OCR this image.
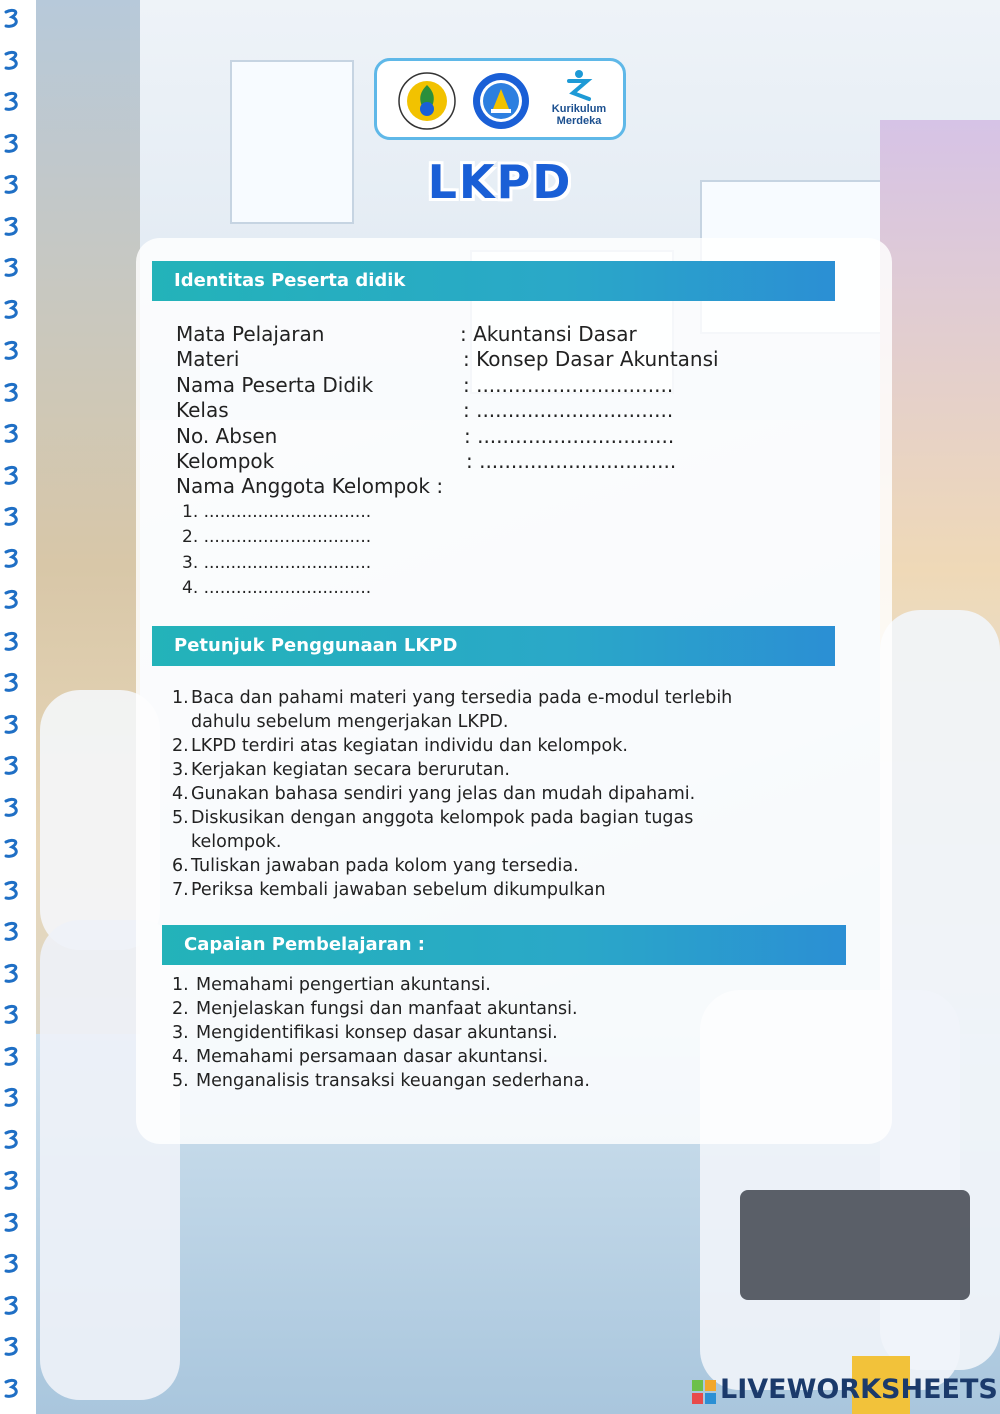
Kurikulum
Merdeka
LKPD
Identitas Peserta didik
Mata Pelajaran	: Akuntansi Dasar
Materi	: Konsep Dasar Akuntansi
Nama Peserta Didik	: ...............................
Kelas	: ...............................
No. Absen	: ...............................
Kelompok	: ...............................
Nama Anggota Kelompok :
1. ...............................
2. ...............................
3. ...............................
4. ...............................
Petunjuk Penggunaan LKPD
1. Baca dan pahami materi yang tersedia pada e-modul terlebih
dahulu sebelum mengerjakan LKPD.
2. LKPD terdiri atas kegiatan individu dan kelompok.
3. Kerjakan kegiatan secara berurutan.
4. Gunakan bahasa sendiri yang jelas dan mudah dipahami.
5. Diskusikan dengan anggota kelompok pada bagian tugas
kelompok.
6. Tuliskan jawaban pada kolom yang tersedia.
7. Periksa kembali jawaban sebelum dikumpulkan
Capaian Pembelajaran :
1. Memahami pengertian akuntansi.
2. Menjelaskan fungsi dan manfaat akuntansi.
3. Mengidentifikasi konsep dasar akuntansi.
4. Memahami persamaan dasar akuntansi.
5. Menganalisis transaksi keuangan sederhana.
LIVEWORKSHEETS
